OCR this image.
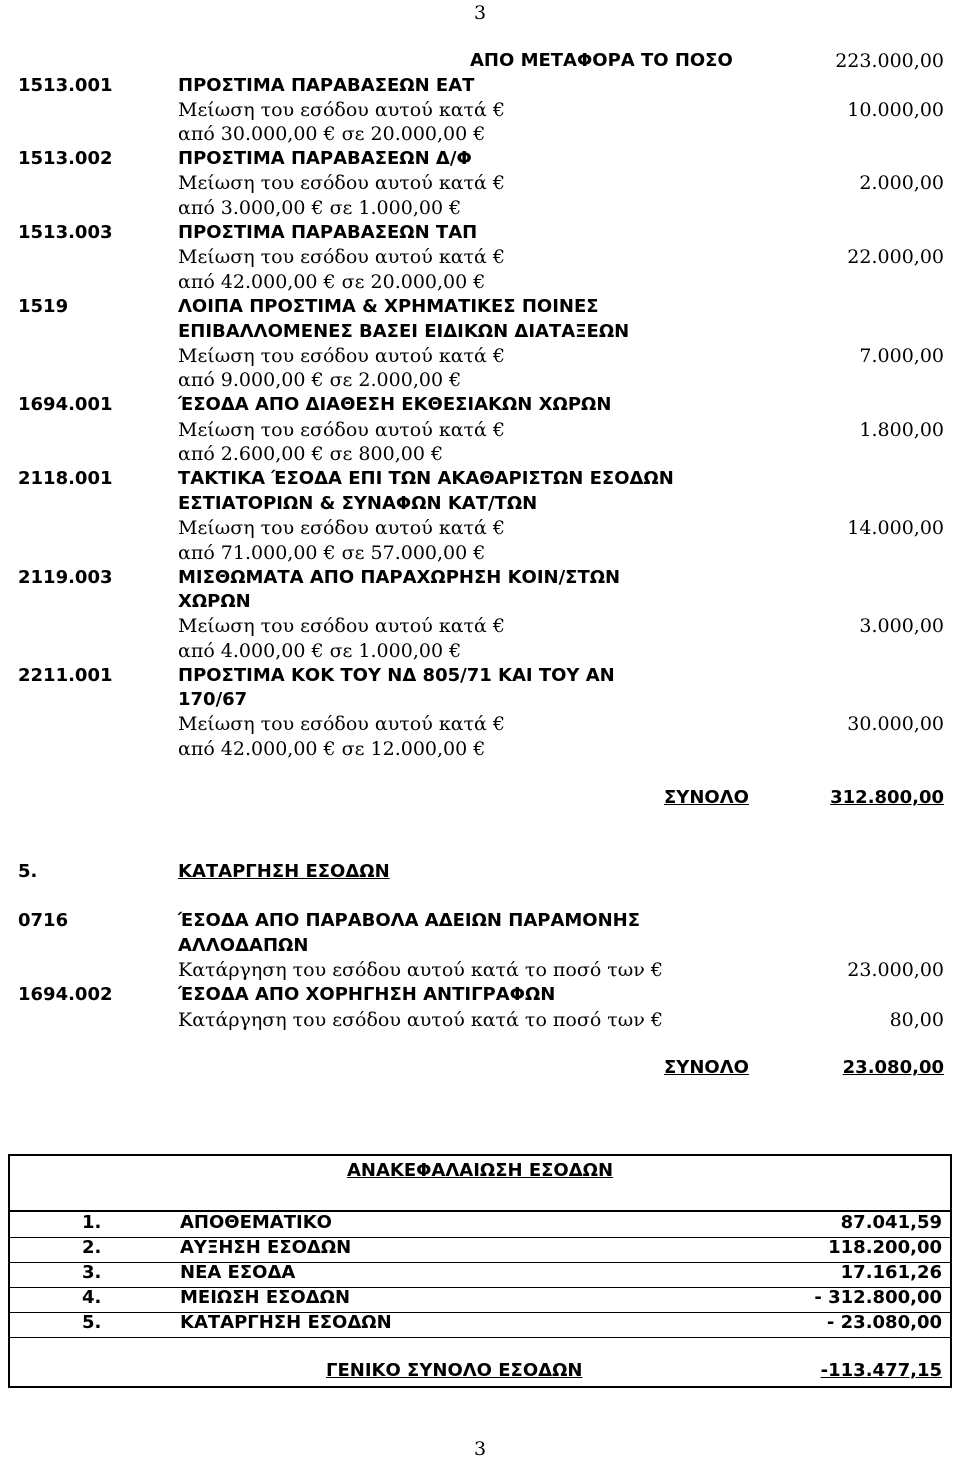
3
ΑΠΟ ΜΕΤΑΦΟΡΑ ΤΟ ΠΟΣΟ	223.000,00
1513.001	ΠΡΟΣΤΙΜΑ ΠΑΡΑΒΑΣΕΩΝ ΕΑΤ
Μείωση του εσόδου αυτού κατά €	10.000,00
από 30.000,00 € σε 20.000,00 €
1513.002	ΠΡΟΣΤΙΜΑ ΠΑΡΑΒΑΣΕΩΝ Δ/Φ
Μείωση του εσόδου αυτού κατά €	2.000,00
από 3.000,00 € σε 1.000,00 €
1513.003	ΠΡΟΣΤΙΜΑ ΠΑΡΑΒΑΣΕΩΝ ΤΑΠ
Μείωση του εσόδου αυτού κατά €	22.000,00
από 42.000,00 € σε 20.000,00 €
1519	ΛΟΙΠΑ ΠΡΟΣΤΙΜΑ & ΧΡΗΜΑΤΙΚΕΣ ΠΟΙΝΕΣ
ΕΠΙΒΑΛΛΟΜΕΝΕΣ ΒΑΣΕΙ ΕΙΔΙΚΩΝ ΔΙΑΤΑΞΕΩΝ
Μείωση του εσόδου αυτού κατά €	7.000,00
από 9.000,00 € σε 2.000,00 €
1694.001	ΈΣΟΔΑ ΑΠΟ ΔΙΑΘΕΣΗ ΕΚΘΕΣΙΑΚΩΝ ΧΩΡΩΝ
Μείωση του εσόδου αυτού κατά €	1.800,00
από 2.600,00 € σε 800,00 €
2118.001	ΤΑΚΤΙΚΑ ΈΣΟΔΑ ΕΠΙ ΤΩΝ ΑΚΑΘΑΡΙΣΤΩΝ ΕΣΟΔΩΝ
ΕΣΤΙΑΤΟΡΙΩΝ & ΣΥΝΑΦΩΝ ΚΑΤ/ΤΩΝ
Μείωση του εσόδου αυτού κατά €	14.000,00
από 71.000,00 € σε 57.000,00 €
2119.003	ΜΙΣΘΩΜΑΤΑ ΑΠΟ ΠΑΡΑΧΩΡΗΣΗ ΚΟΙΝ/ΣΤΩΝ
ΧΩΡΩΝ
Μείωση του εσόδου αυτού κατά €	3.000,00
από 4.000,00 € σε 1.000,00 €
2211.001	ΠΡΟΣΤΙΜΑ ΚΟΚ ΤΟΥ ΝΔ 805/71 ΚΑΙ ΤΟΥ ΑΝ
170/67
Μείωση του εσόδου αυτού κατά €	30.000,00
από 42.000,00 € σε 12.000,00 €
ΣΥΝΟΛΟ	312.800,00
5.	ΚΑΤΑΡΓΗΣΗ ΕΣΟΔΩΝ
0716	ΈΣΟΔΑ ΑΠΟ ΠΑΡΑΒΟΛΑ ΑΔΕΙΩΝ ΠΑΡΑΜΟΝΗΣ
ΑΛΛΟΔΑΠΩΝ
Κατάργηση του εσόδου αυτού κατά το ποσό των €	23.000,00
1694.002	ΈΣΟΔΑ ΑΠΟ ΧΟΡΗΓΗΣΗ ΑΝΤΙΓΡΑΦΩΝ
Κατάργηση του εσόδου αυτού κατά το ποσό των €	80,00
ΣΥΝΟΛΟ	23.080,00
ΑΝΑΚΕΦΑΛΑΙΩΣΗ ΕΣΟΔΩΝ
1.	ΑΠΟΘΕΜΑΤΙΚΟ	87.041,59
2.	ΑΥΞΗΣΗ ΕΣΟΔΩΝ	118.200,00
3.	ΝΕΑ ΕΣΟΔΑ	17.161,26
4.	ΜΕΙΩΣΗ ΕΣΟΔΩΝ	- 312.800,00
5.	ΚΑΤΑΡΓΗΣΗ ΕΣΟΔΩΝ	- 23.080,00
ΓΕΝΙΚΟ ΣΥΝΟΛΟ ΕΣΟΔΩΝ	-113.477,15
3
